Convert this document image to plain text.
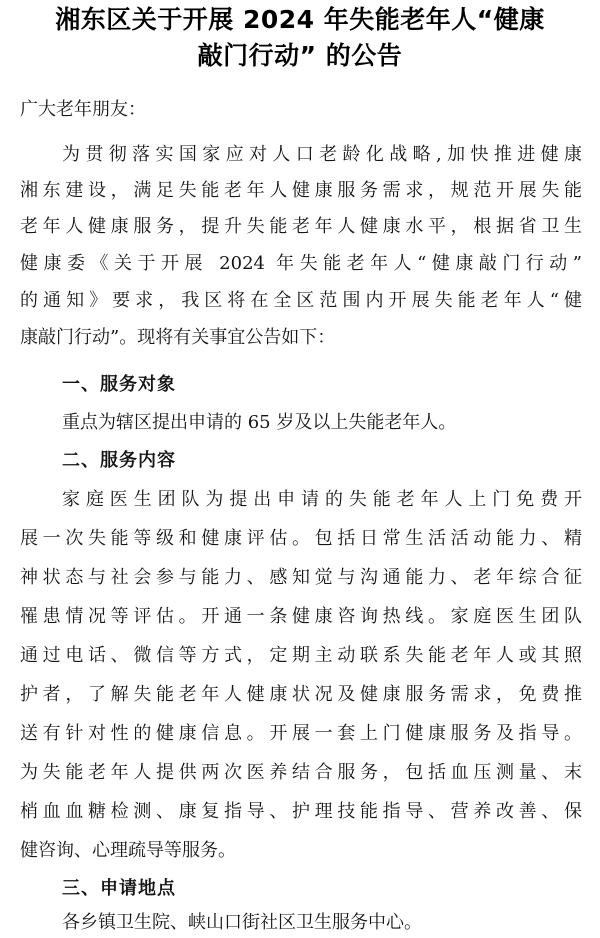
湘东区关于开展 2024 年失能老年人“健康
敲门行动” 的公告
广大老年朋友：
为贯彻落实国家应对人口老龄化战略,加快推进健康
湘东建设，满足失能老年人健康服务需求，规范开展失能
老年人健康服务，提升失能老年人健康水平，根据省卫生
健康委《关于开展 2024 年失能老年人“健康敲门行动”
的通知》要求，我区将在全区范围内开展失能老年人“健
康敲门行动”。现将有关事宜公告如下：
一、服务对象
重点为辖区提出申请的 65 岁及以上失能老年人。
二、服务内容
家庭医生团队为提出申请的失能老年人上门免费开
展一次失能等级和健康评估。包括日常生活活动能力、精
神状态与社会参与能力、感知觉与沟通能力、老年综合征
罹患情况等评估。开通一条健康咨询热线。家庭医生团队
通过电话、微信等方式，定期主动联系失能老年人或其照
护者，了解失能老年人健康状况及健康服务需求，免费推
送有针对性的健康信息。开展一套上门健康服务及指导。
为失能老年人提供两次医养结合服务，包括血压测量、末
梢血血糖检测、康复指导、护理技能指导、营养改善、保
健咨询、心理疏导等服务。
三、申请地点
各乡镇卫生院、峡山口街社区卫生服务中心。
